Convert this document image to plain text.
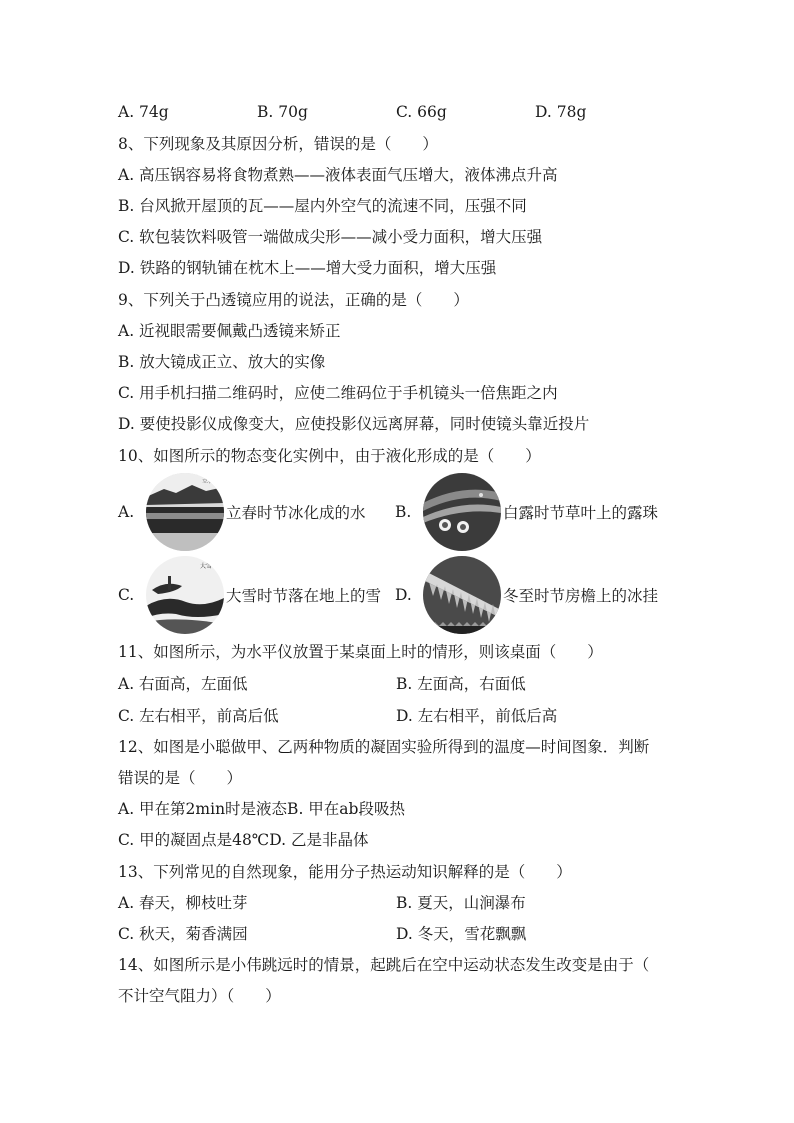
A. 74g	B. 70g	C. 66g	D. 78g
8、下列现象及其原因分析，错误的是（　　）
A. 高压锅容易将食物煮熟——液体表面气压增大，液体沸点升高
B. 台风掀开屋顶的瓦——屋内外空气的流速不同，压强不同
C. 软包装饮料吸管一端做成尖形——减小受力面积，增大压强
D. 铁路的钢轨铺在枕木上——增大受力面积，增大压强
9、下列关于凸透镜应用的说法，正确的是（　　）
A. 近视眼需要佩戴凸透镜来矫正
B. 放大镜成正立、放大的实像
C. 用手机扫描二维码时，应使二维码位于手机镜头一倍焦距之内
D. 要使投影仪成像变大，应使投影仪远离屏幕，同时使镜头靠近投片
10、如图所示的物态变化实例中，由于液化形成的是（　　）
A.
立春
立春时节冰化成的水 B.	白露时节草叶上的露珠
C.
大雪
大雪时节落在地上的雪 D.	冬至时节房檐上的冰挂
11、如图所示，为水平仪放置于某桌面上时的情形，则该桌面（　　）
A. 右面高，左面低	B. 左面高，右面低
C. 左右相平，前高后低	D. 左右相平，前低后高
12、如图是小聪做甲、乙两种物质的凝固实验所得到的温度—时间图象．判断
错误的是（　　）
A. 甲在第2min时是液态B. 甲在ab段吸热
C. 甲的凝固点是48℃D. 乙是非晶体
13、下列常见的自然现象，能用分子热运动知识解释的是（　　）
A. 春天，柳枝吐芽	B. 夏天，山涧瀑布
C. 秋天，菊香满园	D. 冬天，雪花飘飘
14、如图所示是小伟跳远时的情景，起跳后在空中运动状态发生改变是由于（
不计空气阻力）（　　）
